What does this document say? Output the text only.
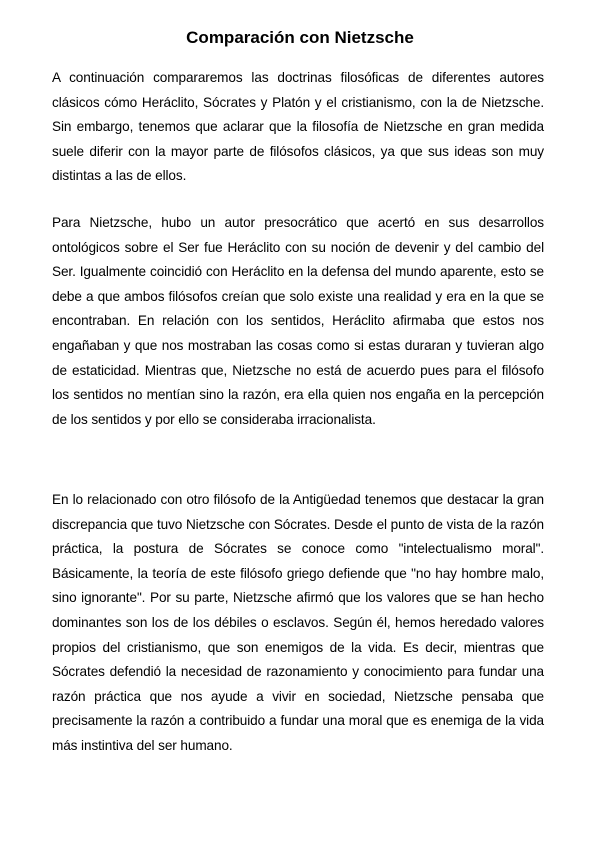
Comparación con Nietzsche

A continuación compararemos las doctrinas filosóficas de diferentes autores clásicos cómo Heráclito, Sócrates y Platón y el cristianismo, con la de Nietzsche. Sin embargo, tenemos que aclarar que la filosofía de Nietzsche en gran medida suele diferir con la mayor parte de filósofos clásicos, ya que sus ideas son muy distintas a las de ellos.

Para Nietzsche, hubo un autor presocrático que acertó en sus desarrollos ontológicos sobre el Ser fue Heráclito con su noción de devenir y del cambio del Ser. Igualmente coincidió con Heráclito en la defensa del mundo aparente, esto se debe a que ambos filósofos creían que solo existe una realidad y era en la que se encontraban. En relación con los sentidos, Heráclito afirmaba que estos nos engañaban y que nos mostraban las cosas como si estas duraran y tuvieran algo de estaticidad. Mientras que, Nietzsche no está de acuerdo pues para el filósofo los sentidos no mentían sino la razón, era ella quien nos engaña en la percepción de los sentidos y por ello se consideraba irracionalista.

En lo relacionado con otro filósofo de la Antigüedad tenemos que destacar la gran discrepancia que tuvo Nietzsche con Sócrates. Desde el punto de vista de la razón práctica, la postura de Sócrates se conoce como "intelectualismo moral". Básicamente, la teoría de este filósofo griego defiende que "no hay hombre malo, sino ignorante". Por su parte, Nietzsche afirmó que los valores que se han hecho dominantes son los de los débiles o esclavos. Según él, hemos heredado valores propios del cristianismo, que son enemigos de la vida. Es decir, mientras que Sócrates defendió la necesidad de razonamiento y conocimiento para fundar una razón práctica que nos ayude a vivir en sociedad, Nietzsche pensaba que precisamente la razón a contribuido a fundar una moral que es enemiga de la vida más instintiva del ser humano.
